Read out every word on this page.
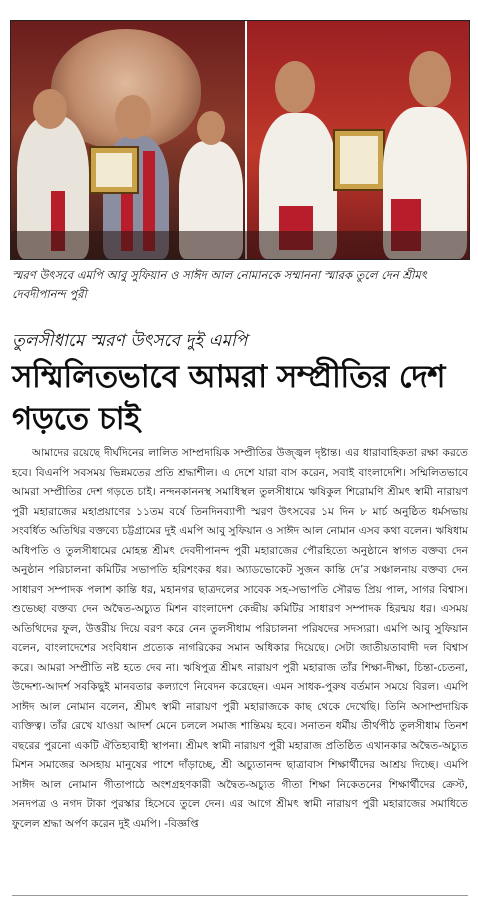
স্মরণ উৎসবে এমপি আবু সুফিয়ান ও সাঈদ আল নোমানকে সম্মাননা স্মারক তুলে দেন শ্রীমৎ দেবদীপানন্দ পুরী
তুলসীধামে স্মরণ উৎসবে দুই এমপি
সম্মিলিতভাবে আমরা সম্প্রীতির দেশ গড়তে চাই
আমাদের রয়েছে দীর্ঘদিনের লালিত সাম্প্রদায়িক সম্প্রীতির উজ্জ্বল দৃষ্টান্ত। এর ধারাবাহিকতা রক্ষা করতে হবে। বিএনপি সবসময় ভিন্নমতের প্রতি শ্রদ্ধাশীল। এ দেশে যারা বাস করেন, সবাই বাংলাদেশি। সম্মিলিতভাবে আমরা সম্প্রীতির দেশ গড়তে চাই। নন্দনকাননস্থ সমাধিস্থল তুলসীধামে ঋষিকুল শিরোমণি শ্রীমৎ স্বামী নারায়ণ পুরী মহারাজের মহাপ্রয়াণের ১১তম বর্ষে তিনদিনব্যাপী স্মরণ উৎসবের ১ম দিন ৮ মার্চ অনুষ্ঠিত ধর্মসভায় সংবর্ধিত অতিথির বক্তব্যে চট্টগ্রামের দুই এমপি আবু সুফিয়ান ও সাঈদ আল নোমান এসব কথা বলেন। ঋষিধাম অধিপতি ও তুলসীধামের মোহন্ত শ্রীমৎ দেবদীপানন্দ পুরী মহারাজের পৌরহিত্যে অনুষ্ঠানে স্বাগত বক্তব্য দেন অনুষ্ঠান পরিচালনা কমিটির সভাপতি হরিশংকর ধর। অ্যাডভোকেট সুজন কান্তি দে’র সঞ্চালনায় বক্তব্য দেন সাধারণ সম্পাদক পলাশ কান্তি ধর, মহানগর ছাত্রদলের সাবেক সহ-সভাপতি সৌরভ প্রিয় পাল, সাগর বিশ্বাস। শুভেচ্ছা বক্তব্য দেন অদ্বৈত-অচ্যুত মিশন বাংলাদেশ কেন্দ্রীয় কমিটির সাধারণ সম্পাদক হিরন্ময় ধর। এসময় অতিথিদের ফুল, উত্তরীয় দিয়ে বরণ করে নেন তুলসীধাম পরিচালনা পরিষদের সদস্যরা। এমপি আবু সুফিয়ান বলেন, বাংলাদেশের সংবিধান প্রত্যেক নাগরিকের সমান অধিকার দিয়েছে। সেটা জাতীয়তাবাদী দল বিশ্বাস করে। আমরা সম্প্রীতি নষ্ট হতে দেব না। ঋষিপুত্র শ্রীমৎ নারায়ণ পুরী মহারাজ তাঁর শিক্ষা-দীক্ষা, চিন্তা-চেতনা, উদ্দেশ্য-আদর্শ সবকিছুই মানবতার কল্যাণে নিবেদন করেছেন। এমন সাধক-পুরুষ বর্তমান সময়ে বিরল। এমপি সাঈদ আল নোমান বলেন, শ্রীমৎ স্বামী নারায়ণ পুরী মহারাজকে কাছ থেকে দেখেছি। তিনি অসাম্প্রদায়িক ব্যক্তিত্ব। তাঁর রেখে যাওয়া আদর্শ মেনে চললে সমাজ শান্তিময় হবে। সনাতন ধর্মীয় তীর্থপীঠ তুলসীধাম তিনশ বছরের পুরনো একটি ঐতিহ্যবাহী স্থাপনা। শ্রীমৎ স্বামী নারায়ণ পুরী মহারাজ প্রতিষ্ঠিত এখানকার অদ্বৈত-অচ্যুত মিশন সমাজের অসহায় মানুষের পাশে দাঁড়াচ্ছে, শ্রী অচ্যুতানন্দ ছাত্রাবাস শিক্ষার্থীদের আশ্রয় দিচ্ছে। এমপি সাঈদ আল নোমান গীতাপাঠে অংশগ্রহণকারী অদ্বৈত-অচ্যুত গীতা শিক্ষা নিকেতনের শিক্ষার্থীদের ক্রেস্ট, সনদপত্র ও নগদ টাকা পুরস্কার হিসেবে তুলে দেন। এর আগে শ্রীমৎ স্বামী নারায়ণ পুরী মহারাজের সমাধিতে ফুলেল শ্রদ্ধা অর্পণ করেন দুই এমপি। -বিজ্ঞপ্তি
